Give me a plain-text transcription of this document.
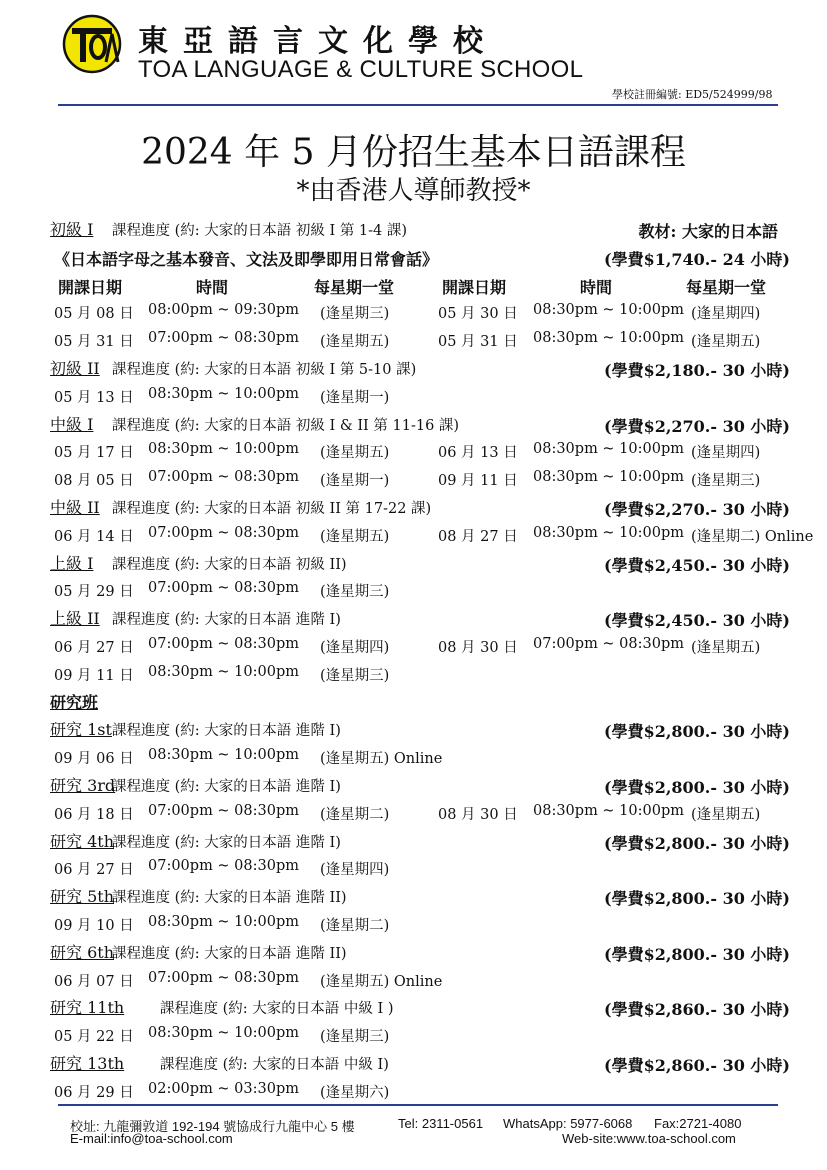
東亞語言文化學校
TOA LANGUAGE & CULTURE SCHOOL
學校註冊編號: ED5/524999/98
2024 年 5 月份招生基本日語課程
*由香港人導師教授*
初級 I 課程進度 (約: 大家的日本語 初級 I 第 1-4 課)	教材: 大家的日本語
《日本語字母之基本發音、文法及即學即用日常會話》	(學費$1,740.- 24 小時)
開課日期	時間	每星期一堂	開課日期	時間	每星期一堂
05 月 08 日 08:00pm ~ 09:30pm (逢星期三)	05 月 30 日 08:30pm ~ 10:00pm (逢星期四)
05 月 31 日 07:00pm ~ 08:30pm (逢星期五)	05 月 31 日 08:30pm ~ 10:00pm (逢星期五)
初級 II 課程進度 (約: 大家的日本語 初級 I 第 5-10 課)	(學費$2,180.- 30 小時)
05 月 13 日 08:30pm ~ 10:00pm (逢星期一)
中級 I 課程進度 (約: 大家的日本語 初級 I & II 第 11-16 課)	(學費$2,270.- 30 小時)
05 月 17 日 08:30pm ~ 10:00pm (逢星期五)	06 月 13 日 08:30pm ~ 10:00pm (逢星期四)
08 月 05 日 07:00pm ~ 08:30pm (逢星期一)	09 月 11 日 08:30pm ~ 10:00pm (逢星期三)
中級 II 課程進度 (約: 大家的日本語 初級 II 第 17-22 課)	(學費$2,270.- 30 小時)
06 月 14 日 07:00pm ~ 08:30pm (逢星期五)	08 月 27 日 08:30pm ~ 10:00pm (逢星期二) Online
上級 I 課程進度 (約: 大家的日本語 初級 II)	(學費$2,450.- 30 小時)
05 月 29 日 07:00pm ~ 08:30pm (逢星期三)
上級 II 課程進度 (約: 大家的日本語 進階 I)	(學費$2,450.- 30 小時)
06 月 27 日 07:00pm ~ 08:30pm (逢星期四)	08 月 30 日 07:00pm ~ 08:30pm (逢星期五)
09 月 11 日 08:30pm ~ 10:00pm (逢星期三)
研究班
研究 1st 課程進度 (約: 大家的日本語 進階 I)	(學費$2,800.- 30 小時)
09 月 06 日 08:30pm ~ 10:00pm (逢星期五) Online
研究 3rd
課程進度 (約: 大家的日本語 進階 I)	(學費$2,800.- 30 小時)
06 月 18 日 07:00pm ~ 08:30pm (逢星期二)	08 月 30 日 08:30pm ~ 10:00pm (逢星期五)
研究 4th
課程進度 (約: 大家的日本語 進階 I)	(學費$2,800.- 30 小時)
06 月 27 日 07:00pm ~ 08:30pm (逢星期四)
研究 5th
課程進度 (約: 大家的日本語 進階 II)	(學費$2,800.- 30 小時)
09 月 10 日 08:30pm ~ 10:00pm (逢星期二)
研究 6th
課程進度 (約: 大家的日本語 進階 II)	(學費$2,800.- 30 小時)
06 月 07 日 07:00pm ~ 08:30pm (逢星期五) Online
研究 11th 課程進度 (約: 大家的日本語 中級 I )	(學費$2,860.- 30 小時)
05 月 22 日 08:30pm ~ 10:00pm (逢星期三)
研究 13th 課程進度 (約: 大家的日本語 中級 I)	(學費$2,860.- 30 小時)
06 月 29 日 02:00pm ~ 03:30pm (逢星期六)
校址: 九龍彌敦道 192-194 號協成行九龍中心 5 樓	Tel: 2311-0561 WhatsApp: 5977-6068 Fax:2721-4080
E-mail:info@toa-school.com	Web-site:www.toa-school.com
